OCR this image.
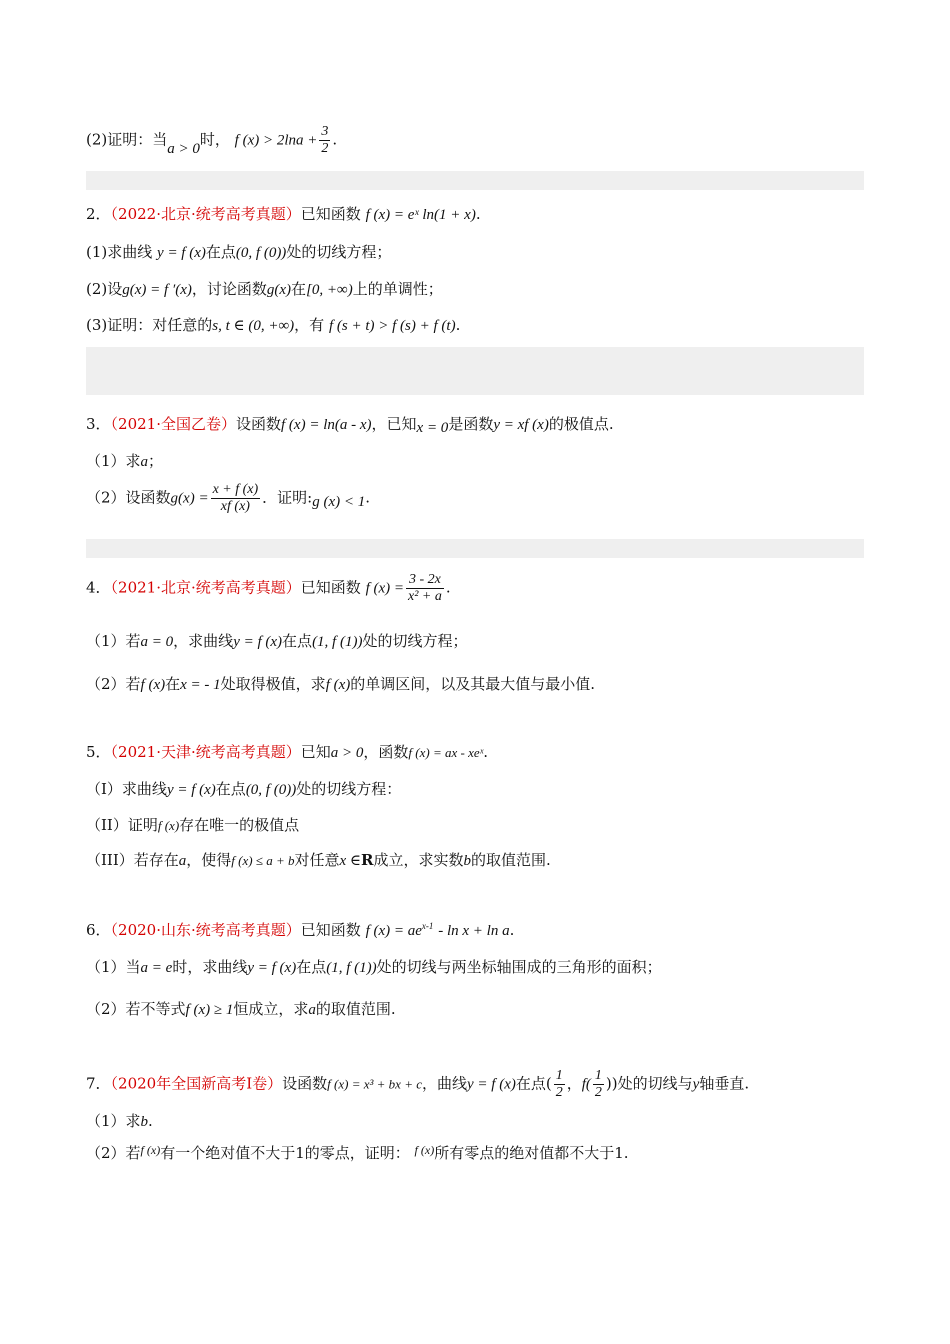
(2)证明：当a > 0时， f $(x) > 2\ln a + \frac{3}{2}$ .
2．（2022·北京·统考高考真题）已知函数 f (x) = eˣ ln(1 + x).
(1)求曲线 y = f (x)在点(0, f (0))处的切线方程；
(2)设g(x) = f ′(x)，讨论函数g(x)在[0, +∞)上的单调性；
(3)证明：对任意的s, t ∈ (0, +∞)，有 f (s + t) > f (s) + f (t).
3．（2021·全国乙卷）设函数f (x) = ln(a - x)，已知x = 0是函数y = xf (x)的极值点.
（1）求a；
（2）设函数$g(x) = \frac{x + f (x)}{xf (x)}$ ．证明:g (x) < 1.
4．（2021·北京·统考高考真题）已知函数 f $(x) = \frac{3 - 2x}{\text{x² + a}}$ .
（1）若a = 0，求曲线y = f (x)在点(1, f (1))处的切线方程；
（2）若f (x)在x = - 1处取得极值，求f (x)的单调区间，以及其最大值与最小值.
5．（2021·天津·统考高考真题）已知a > 0，函数f (x) = ax - xeˣ.
（I）求曲线y = f (x)在点(0, f (0))处的切线方程：
（II）证明f (x)存在唯一的极值点
（III）若存在a，使得f (x) ≤ a + b对任意x ∈R成立，求实数b的取值范围.
6．（2020·山东·统考高考真题）已知函数 f $(x) = ae^{x-1} - \ln x + \ln a$.
（1）当a = e时，求曲线y = f (x)在点(1, f (1))处的切线与两坐标轴围成的三角形的面积；
（2）若不等式f (x) ≥ 1恒成立，求a的取值范围.
7．（2020年全国新高考Ⅰ卷）设函数f (x) = x³ + bx + c，曲线y = f (x)在点( $\frac{1}{2}$ ，$f( \frac{1}{2}$ ))处的切线与y轴垂直.
（1）求b.
（2）若$^{f (x)}$有一个绝对值不大于1的零点，证明： $^{f (x)}$所有零点的绝对值都不大于1.
